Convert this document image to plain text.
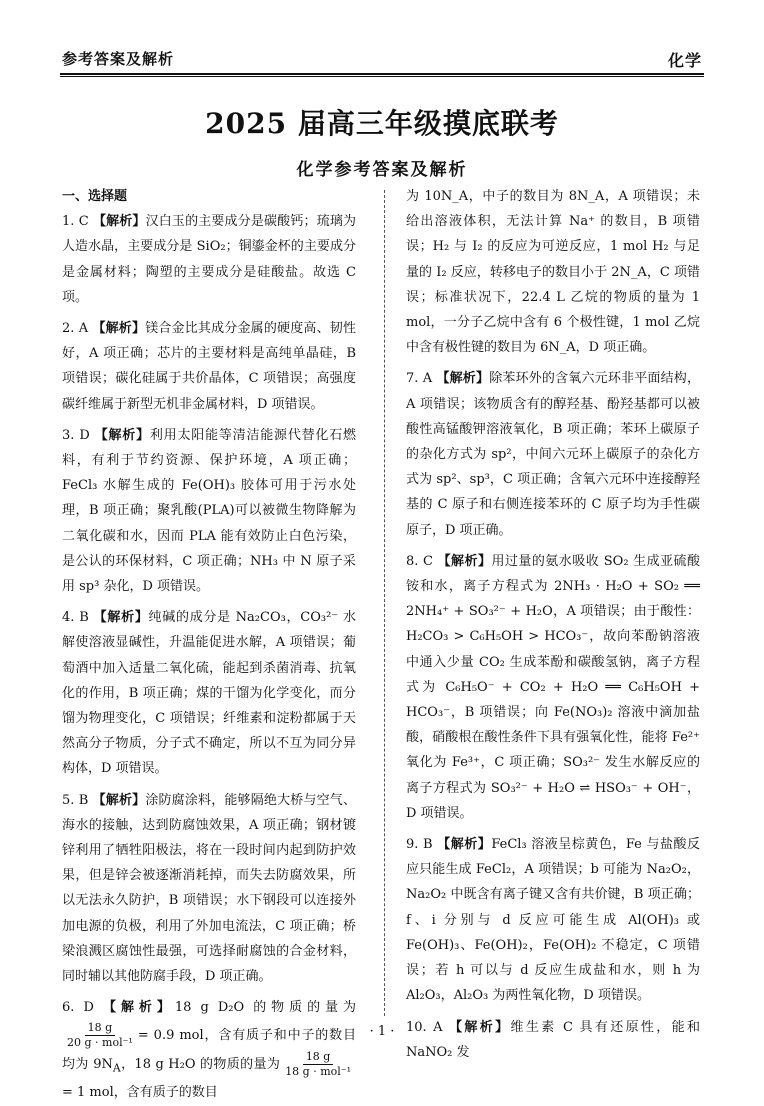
参考答案及解析	化学
2025 届高三年级摸底联考
化学参考答案及解析
一、选择题

1. C 【解析】汉白玉的主要成分是碳酸钙；琉璃为人造水晶，主要成分是 SiO₂；铜鎏金杯的主要成分是金属材料；陶塑的主要成分是硅酸盐。故选 C 项。

2. A 【解析】镁合金比其成分金属的硬度高、韧性好，A 项正确；芯片的主要材料是高纯单晶硅，B 项错误；碳化硅属于共价晶体，C 项错误；高强度碳纤维属于新型无机非金属材料，D 项错误。

3. D 【解析】利用太阳能等清洁能源代替化石燃料，有利于节约资源、保护环境，A 项正确；FeCl₃ 水解生成的 Fe(OH)₃ 胶体可用于污水处理，B 项正确；聚乳酸(PLA)可以被微生物降解为二氧化碳和水，因而 PLA 能有效防止白色污染，是公认的环保材料，C 项正确；NH₃ 中 N 原子采用 sp³ 杂化，D 项错误。

4. B 【解析】纯碱的成分是 Na₂CO₃，CO₃²⁻ 水解使溶液显碱性，升温能促进水解，A 项错误；葡萄酒中加入适量二氧化硫，能起到杀菌消毒、抗氧化的作用，B 项正确；煤的干馏为化学变化，而分馏为物理变化，C 项错误；纤维素和淀粉都属于天然高分子物质，分子式不确定，所以不互为同分异构体，D 项错误。

5. B 【解析】涂防腐涂料，能够隔绝大桥与空气、海水的接触，达到防腐蚀效果，A 项正确；钢材镀锌利用了牺牲阳极法，将在一段时间内起到防护效果，但是锌会被逐渐消耗掉，而失去防腐效果，所以无法永久防护，B 项错误；水下钢段可以连接外加电源的负极，利用了外加电流法，C 项正确；桥梁浪溅区腐蚀性最强，可选择耐腐蚀的合金材料，同时辅以其他防腐手段，D 项正确。

6. D 【解析】18 g D₂O 的物质的量为
$\frac{18 g}{\text{20 g · mol⁻¹}} = 0.9$ mol，含有质子和中子的数目均为 $9N_A$，18 g H₂O 的物质的量为 $\frac{18 g}{\text{18 g · mol⁻¹}}$
= 1 mol，含有质子的数目

为 10N_A，中子的数目为 8N_A，A 项错误；未给出溶液体积，无法计算 Na⁺ 的数目，B 项错误；H₂ 与 I₂ 的反应为可逆反应，1 mol H₂ 与足量的 I₂ 反应，转移电子的数目小于 2N_A，C 项错误；标准状况下，22.4 L 乙烷的物质的量为 1 mol，一分子乙烷中含有 6 个极性键，1 mol 乙烷中含有极性键的数目为 6N_A，D 项正确。

7. A 【解析】除苯环外的含氧六元环非平面结构，A 项错误；该物质含有的醇羟基、酚羟基都可以被酸性高锰酸钾溶液氧化，B 项正确；苯环上碳原子的杂化方式为 sp²，中间六元环上碳原子的杂化方式为 sp²、sp³，C 项正确；含氧六元环中连接醇羟基的 C 原子和右侧连接苯环的 C 原子均为手性碳原子，D 项正确。

8. C 【解析】用过量的氨水吸收 SO₂ 生成亚硫酸铵和水，离子方程式为 2NH₃ · H₂O + SO₂ ══ 2NH₄⁺ + SO₃²⁻ + H₂O，A 项错误；由于酸性：H₂CO₃ > C₆H₅OH > HCO₃⁻，故向苯酚钠溶液中通入少量 CO₂ 生成苯酚和碳酸氢钠，离子方程式为 C₆H₅O⁻ + CO₂ + H₂O ══ C₆H₅OH + HCO₃⁻，B 项错误；向 Fe(NO₃)₂ 溶液中滴加盐酸，硝酸根在酸性条件下具有强氧化性，能将 Fe²⁺ 氧化为 Fe³⁺，C 项正确；SO₃²⁻ 发生水解反应的离子方程式为 SO₃²⁻ + H₂O ⇌ HSO₃⁻ + OH⁻，D 项错误。

9. B 【解析】FeCl₃ 溶液呈棕黄色，Fe 与盐酸反应只能生成 FeCl₂，A 项错误；b 可能为 Na₂O₂，Na₂O₂ 中既含有离子键又含有共价键，B 项正确；f、i 分别与 d 反应可能生成 Al(OH)₃ 或 Fe(OH)₃、Fe(OH)₂，Fe(OH)₂ 不稳定，C 项错误；若 h 可以与 d 反应生成盐和水，则 h 为 Al₂O₃，Al₂O₃ 为两性氧化物，D 项错误。

10. A 【解析】维生素 C 具有还原性，能和 NaNO₂ 发

· 1 ·
